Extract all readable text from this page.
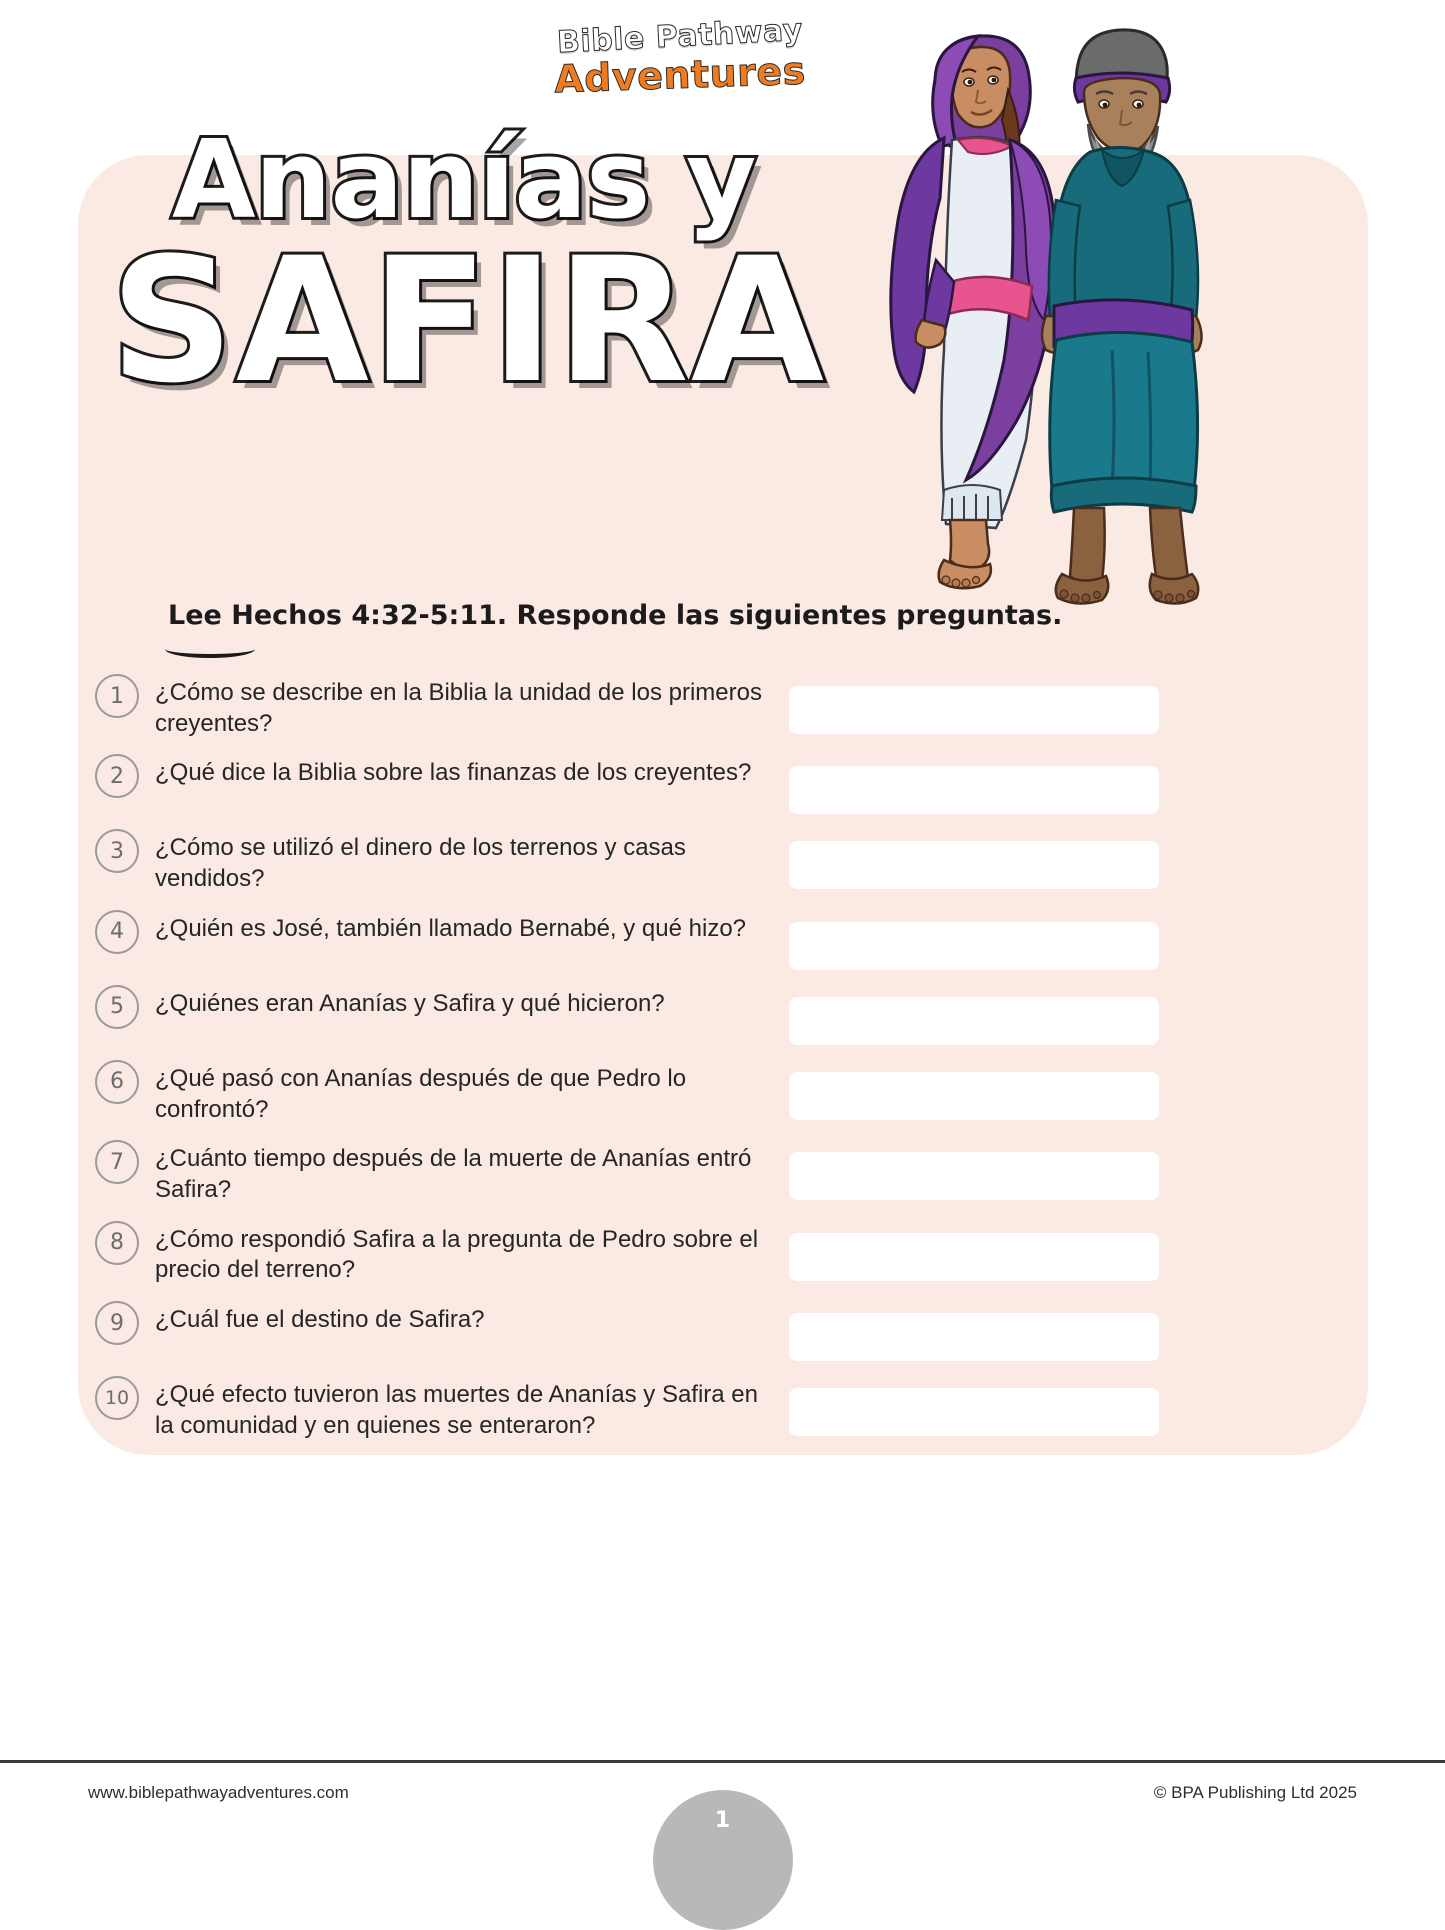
Bible Pathway
Adventures
Ananías y
SAFIRA
Lee Hechos 4:32-5:11. Responde las siguientes preguntas.
1	¿Cómo se describe en la Biblia la unidad de los primeros creyentes?
2	¿Qué dice la Biblia sobre las finanzas de los creyentes?
3	¿Cómo se utilizó el dinero de los terrenos y casas vendidos?
4	¿Quién es José, también llamado Bernabé, y qué hizo?
5	¿Quiénes eran Ananías y Safira y qué hicieron?
6	¿Qué pasó con Ananías después de que Pedro lo confrontó?
7	¿Cuánto tiempo después de la muerte de Ananías entró Safira?
8	¿Cómo respondió Safira a la pregunta de Pedro sobre el precio del terreno?
9	¿Cuál fue el destino de Safira?
10	¿Qué efecto tuvieron las muertes de Ananías y Safira en la comunidad y en quienes se enteraron?
www.biblepathwayadventures.com	© BPA Publishing Ltd 2025
1
